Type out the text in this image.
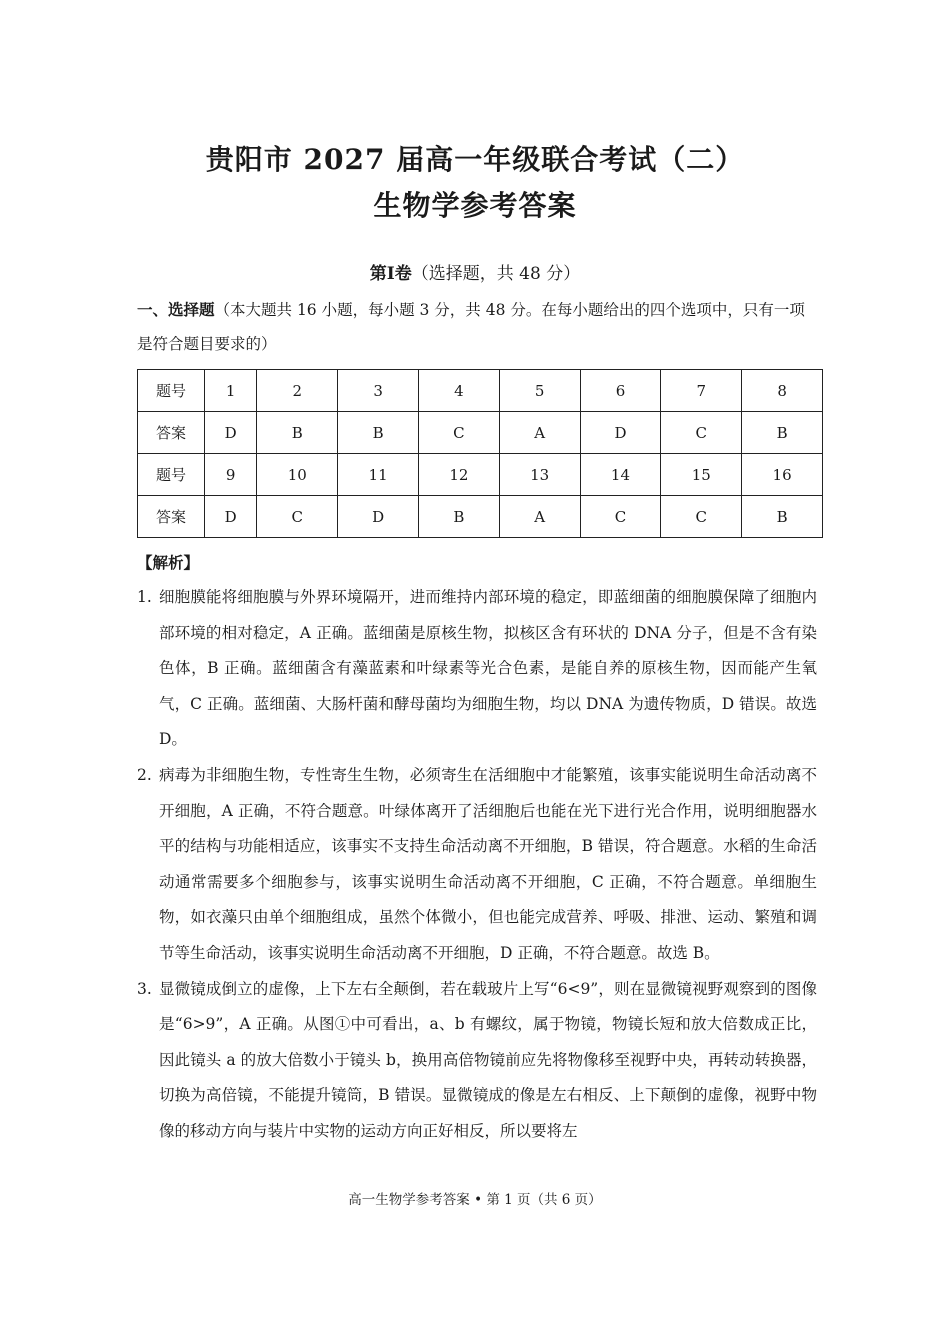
贵阳市 2027 届高一年级联合考试（二）
生物学参考答案
第Ⅰ卷（选择题，共 48 分）
一、选择题（本大题共 16 小题，每小题 3 分，共 48 分。在每小题给出的四个选项中，只有一项是符合题目要求的）
题号	1	2	3	4	5	6	7	8
答案	D	B	B	C	A	D	C	B
题号	9	10	11	12	13	14	15	16
答案	D	C	D	B	A	C	C	B
【解析】
1. 细胞膜能将细胞膜与外界环境隔开，进而维持内部环境的稳定，即蓝细菌的细胞膜保障了细胞内部环境的相对稳定，A 正确。蓝细菌是原核生物，拟核区含有环状的 DNA 分子，但是不含有染色体，B 正确。蓝细菌含有藻蓝素和叶绿素等光合色素，是能自养的原核生物，因而能产生氧气，C 正确。蓝细菌、大肠杆菌和酵母菌均为细胞生物，均以 DNA 为遗传物质，D 错误。故选 D。
2. 病毒为非细胞生物，专性寄生生物，必须寄生在活细胞中才能繁殖，该事实能说明生命活动离不开细胞，A 正确，不符合题意。叶绿体离开了活细胞后也能在光下进行光合作用，说明细胞器水平的结构与功能相适应，该事实不支持生命活动离不开细胞，B 错误，符合题意。水稻的生命活动通常需要多个细胞参与，该事实说明生命活动离不开细胞，C 正确，不符合题意。单细胞生物，如衣藻只由单个细胞组成，虽然个体微小，但也能完成营养、呼吸、排泄、运动、繁殖和调节等生命活动，该事实说明生命活动离不开细胞，D 正确，不符合题意。故选 B。
3. 显微镜成倒立的虚像，上下左右全颠倒，若在载玻片上写“6<9”，则在显微镜视野观察到的图像是“6>9”，A 正确。从图①中可看出，a、b 有螺纹，属于物镜，物镜长短和放大倍数成正比，因此镜头 a 的放大倍数小于镜头 b，换用高倍物镜前应先将物像移至视野中央，再转动转换器，切换为高倍镜，不能提升镜筒，B 错误。显微镜成的像是左右相反、上下颠倒的虚像，视野中物像的移动方向与装片中实物的运动方向正好相反，所以要将左
高一生物学参考答案 • 第 1 页（共 6 页）
